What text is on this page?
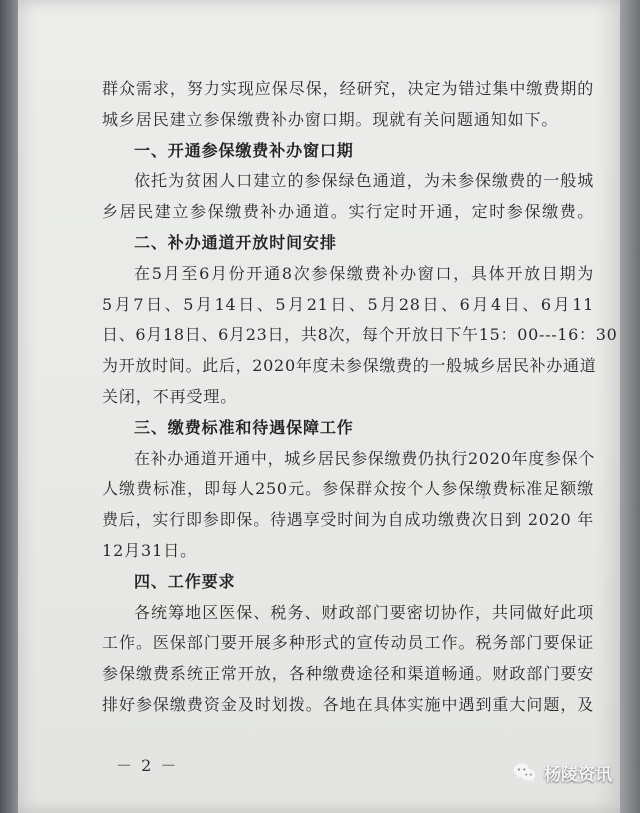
群众需求，努力实现应保尽保，经研究，决定为错过集中缴费期的
城乡居民建立参保缴费补办窗口期。现就有关问题通知如下。
一、开通参保缴费补办窗口期
依托为贫困人口建立的参保绿色通道，为未参保缴费的一般城
乡居民建立参保缴费补办通道。实行定时开通，定时参保缴费。
二、补办通道开放时间安排
在5月至6月份开通8次参保缴费补办窗口，具体开放日期为
5月7日、5月14日、5月21日、5月28日、6月4日、6月11
日、6月18日、6月23日，共8次，每个开放日下午15：00---16：30
为开放时间。此后，2020年度未参保缴费的一般城乡居民补办通道
关闭，不再受理。
三、缴费标准和待遇保障工作
在补办通道开通中，城乡居民参保缴费仍执行2020年度参保个
人缴费标准，即每人250元。参保群众按个人参保缴费标准足额缴
费后，实行即参即保。待遇享受时间为自成功缴费次日到 2020 年
12月31日。
四、工作要求
各统筹地区医保、税务、财政部门要密切协作，共同做好此项
工作。医保部门要开展多种形式的宣传动员工作。税务部门要保证
参保缴费系统正常开放，各种缴费途径和渠道畅通。财政部门要安
排好参保缴费资金及时划拨。各地在具体实施中遇到重大问题，及
－ 2 －	杨陵资讯
